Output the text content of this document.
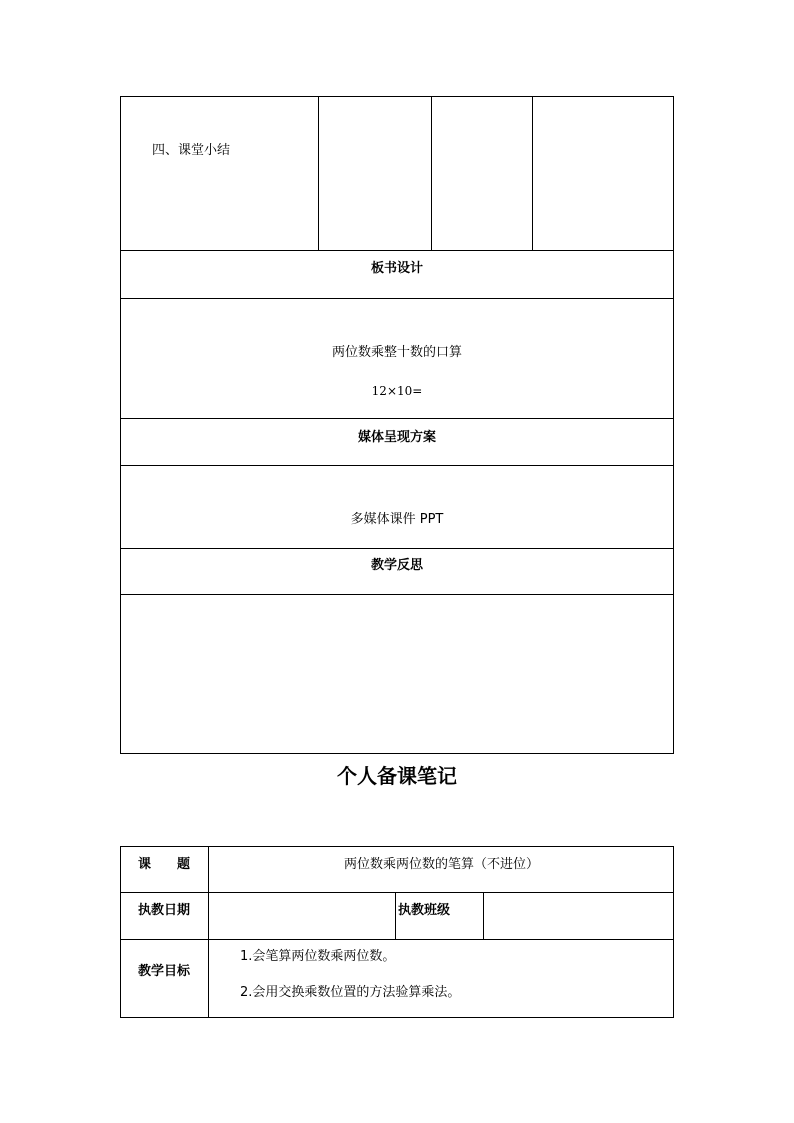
四、课堂小结
板书设计
两位数乘整十数的口算
12×10=
媒体呈现方案
多媒体课件 PPT
教学反思
个人备课笔记
课　　题	两位数乘两位数的笔算（不进位）
执教日期	执教班级
教学目标
1.会笔算两位数乘两位数。
2.会用交换乘数位置的方法验算乘法。
